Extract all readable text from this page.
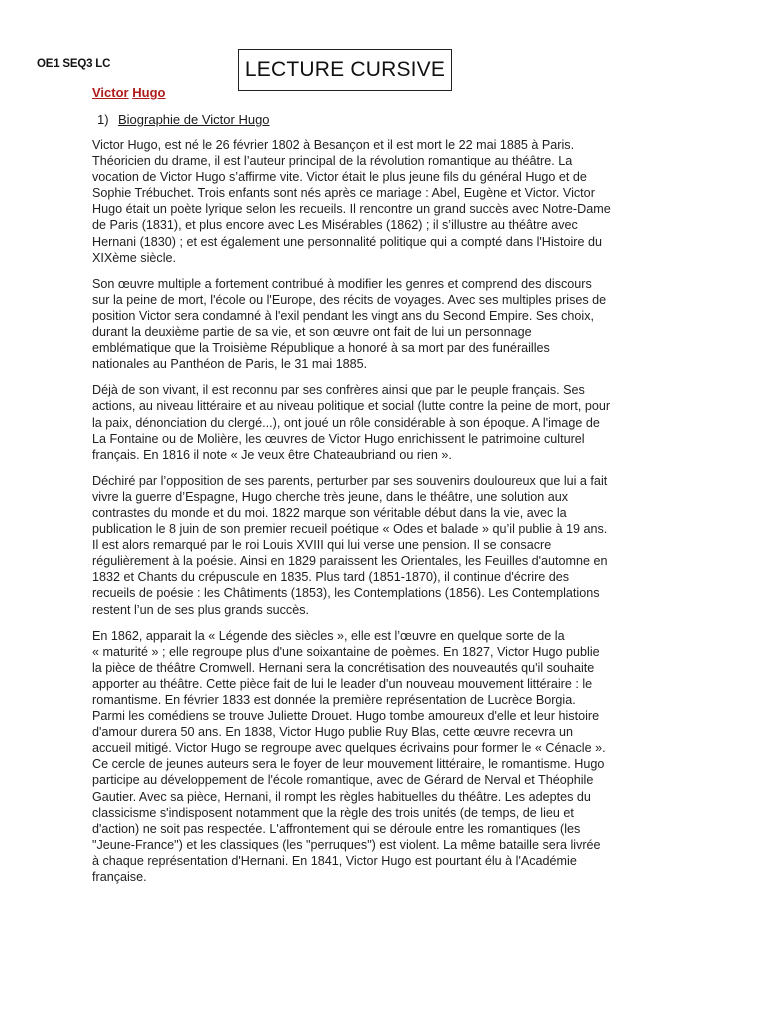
OE1 SEQ3 LC	LECTURE CURSIVE
Victor Hugo
1) Biographie de Victor Hugo

Victor Hugo, est né le 26 février 1802 à Besançon et il est mort le 22 mai 1885 à Paris.
Théoricien du drame, il est l’auteur principal de la révolution romantique au théâtre. La
vocation de Victor Hugo s’affirme vite. Victor était le plus jeune fils du général Hugo et de
Sophie Trébuchet. Trois enfants sont nés après ce mariage : Abel, Eugène et Victor. Victor
Hugo était un poète lyrique selon les recueils. Il rencontre un grand succès avec Notre-Dame
de Paris (1831), et plus encore avec Les Misérables (1862) ; il s’illustre au théâtre avec
Hernani (1830) ; et est également une personnalité politique qui a compté dans l'Histoire du
XIXème siècle.

Son œuvre multiple a fortement contribué à modifier les genres et comprend des discours
sur la peine de mort, l'école ou l'Europe, des récits de voyages. Avec ses multiples prises de
position Victor sera condamné à l'exil pendant les vingt ans du Second Empire. Ses choix,
durant la deuxième partie de sa vie, et son œuvre ont fait de lui un personnage
emblématique que la Troisième République a honoré à sa mort par des funérailles
nationales au Panthéon de Paris, le 31 mai 1885.

Déjà de son vivant, il est reconnu par ses confrères ainsi que par le peuple français. Ses
actions, au niveau littéraire et au niveau politique et social (lutte contre la peine de mort, pour
la paix, dénonciation du clergé...), ont joué un rôle considérable à son époque. A l'image de
La Fontaine ou de Molière, les œuvres de Victor Hugo enrichissent le patrimoine culturel
français. En 1816 il note « Je veux être Chateaubriand ou rien ».

Déchiré par l’opposition de ses parents, perturber par ses souvenirs douloureux que lui a fait
vivre la guerre d’Espagne, Hugo cherche très jeune, dans le théâtre, une solution aux
contrastes du monde et du moi. 1822 marque son véritable début dans la vie, avec la
publication le 8 juin de son premier recueil poétique « Odes et balade » qu’il publie à 19 ans.
Il est alors remarqué par le roi Louis XVIII qui lui verse une pension. Il se consacre
régulièrement à la poésie. Ainsi en 1829 paraissent les Orientales, les Feuilles d'automne en
1832 et Chants du crépuscule en 1835. Plus tard (1851-1870), il continue d'écrire des
recueils de poésie : les Châtiments (1853), les Contemplations (1856). Les Contemplations
restent l’un de ses plus grands succès.

En 1862, apparait la « Légende des siècles », elle est l’œuvre en quelque sorte de la
« maturité » ; elle regroupe plus d'une soixantaine de poèmes. En 1827, Victor Hugo publie
la pièce de théâtre Cromwell. Hernani sera la concrétisation des nouveautés qu'il souhaite
apporter au théâtre. Cette pièce fait de lui le leader d'un nouveau mouvement littéraire : le
romantisme. En février 1833 est donnée la première représentation de Lucrèce Borgia.
Parmi les comédiens se trouve Juliette Drouet. Hugo tombe amoureux d'elle et leur histoire
d'amour durera 50 ans. En 1838, Victor Hugo publie Ruy Blas, cette œuvre recevra un
accueil mitigé. Victor Hugo se regroupe avec quelques écrivains pour former le « Cénacle ».
Ce cercle de jeunes auteurs sera le foyer de leur mouvement littéraire, le romantisme. Hugo
participe au développement de l'école romantique, avec de Gérard de Nerval et Théophile
Gautier. Avec sa pièce, Hernani, il rompt les règles habituelles du théâtre. Les adeptes du
classicisme s'indisposent notamment que la règle des trois unités (de temps, de lieu et
d'action) ne soit pas respectée. L'affrontement qui se déroule entre les romantiques (les
"Jeune-France") et les classiques (les "perruques") est violent. La même bataille sera livrée
à chaque représentation d'Hernani. En 1841, Victor Hugo est pourtant élu à l'Académie
française.
